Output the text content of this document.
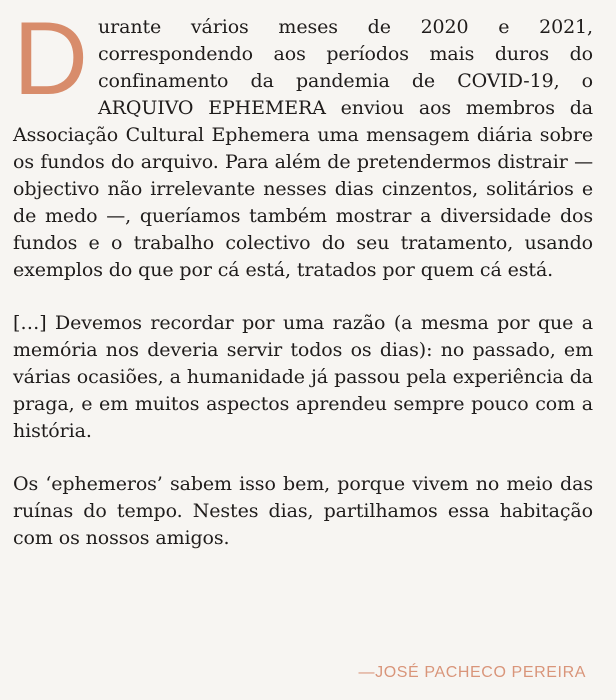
D urante vários meses de 2020 e 2021, correspondendo aos períodos mais duros do confinamento da pandemia de COVID-19, o ARQUIVO EPHEMERA enviou aos membros da Associação Cultural Ephemera uma mensagem diária sobre os fundos do arquivo. Para além de pretendermos distrair — objectivo não irrelevante nesses dias cinzentos, solitários e de medo —, queríamos também mostrar a diversidade dos fundos e o trabalho colectivo do seu tratamento, usando exemplos do que por cá está, tratados por quem cá está.

[…] Devemos recordar por uma razão (a mesma por que a memória nos deveria servir todos os dias): no passado, em várias ocasiões, a humanidade já passou pela experiência da praga, e em muitos aspectos aprendeu sempre pouco com a história.

Os ‘ephemeros’ sabem isso bem, porque vivem no meio das ruínas do tempo. Nestes dias, partilhamos essa habitação com os nossos amigos.

—JOSÉ PACHECO PEREIRA
